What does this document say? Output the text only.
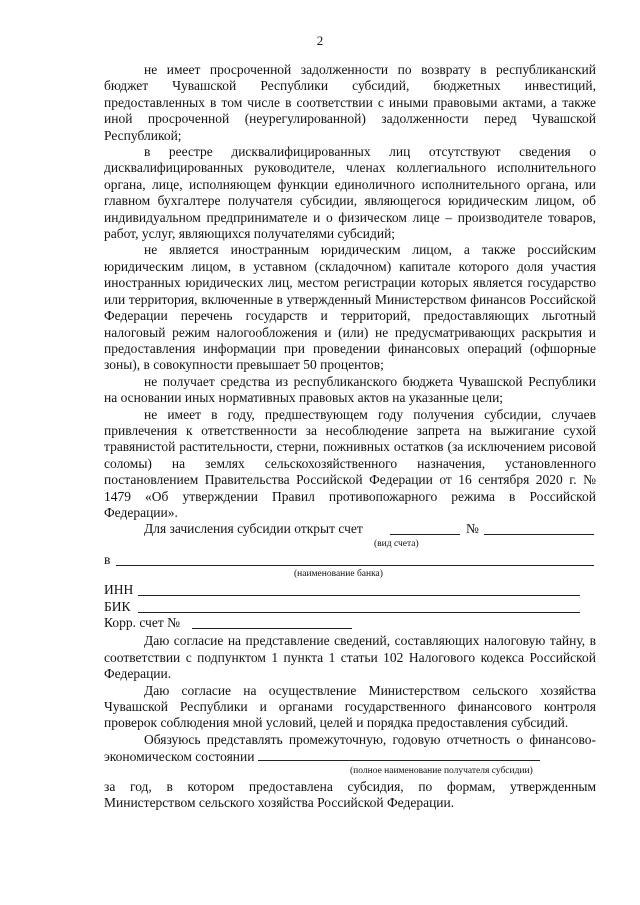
2

не имеет просроченной задолженности по возврату в республиканский бюджет Чувашской Республики субсидий, бюджетных инвестиций, предоставленных в том числе в соответствии с иными правовыми актами, а также иной просроченной (неурегулированной) задолженности перед Чувашской Республикой;

в реестре дисквалифицированных лиц отсутствуют сведения о дисквалифицированных руководителе, членах коллегиального исполнительного органа, лице, исполняющем функции единоличного исполнительного органа, или главном бухгалтере получателя субсидии, являющегося юридическим лицом, об индивидуальном предпринимателе и о физическом лице – производителе товаров, работ, услуг, являющихся получателями субсидий;

не является иностранным юридическим лицом, а также российским юридическим лицом, в уставном (складочном) капитале которого доля участия иностранных юридических лиц, местом регистрации которых является государство или территория, включенные в утвержденный Министерством финансов Российской Федерации перечень государств и территорий, предоставляющих льготный налоговый режим налогообложения и (или) не предусматривающих раскрытия и предоставления информации при проведении финансовых операций (офшорные зоны), в совокупности превышает 50 процентов;

не получает средства из республиканского бюджета Чувашской Республики на основании иных нормативных правовых актов на указанные цели;

не имеет в году, предшествующем году получения субсидии, случаев привлечения к ответственности за несоблюдение запрета на выжигание сухой травянистой растительности, стерни, пожнивных остатков (за исключением рисовой соломы) на землях сельскохозяйственного назначения, установленного постановлением Правительства Российской Федерации от 16 сентября 2020 г. № 1479 «Об утверждении Правил противопожарного режима в Российской Федерации».

Для зачисления субсидии открыт счет	№
(вид счета)
в
(наименование банка)
ИНН
БИК
Корр. счет №

Даю согласие на представление сведений, составляющих налоговую тайну, в соответствии с подпунктом 1 пункта 1 статьи 102 Налогового кодекса Российской Федерации.

Даю согласие на осуществление Министерством сельского хозяйства Чувашской Республики и органами государственного финансового контроля проверок соблюдения мной условий, целей и порядка предоставления субсидий.

Обязуюсь представлять промежуточную, годовую отчетность о финансово-экономическом состоянии

(полное наименование получателя субсидии)

за год, в котором предоставлена субсидия, по формам, утвержденным Министерством сельского хозяйства Российской Федерации.
